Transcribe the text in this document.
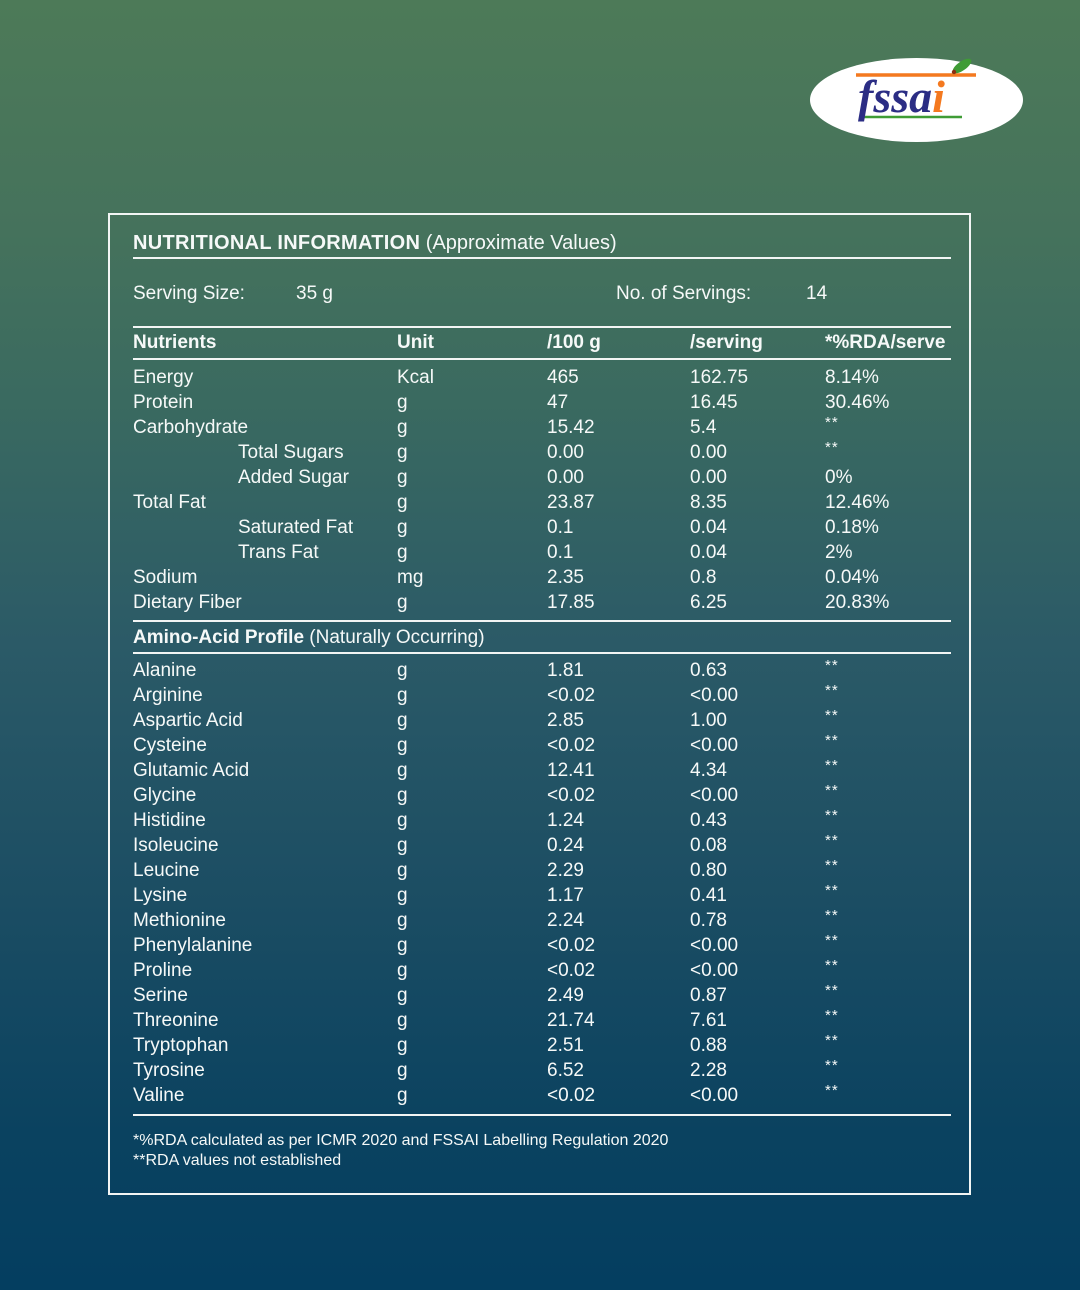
fssai
NUTRITIONAL INFORMATION (Approximate Values)
Serving Size:	35 g	No. of Servings:	14
Nutrients	Unit	/100 g	/serving	*%RDA/serve
Energy	Kcal	465	162.75	8.14%
Protein	g	47	16.45	30.46%
Carbohydrate	g	15.42	5.4	**
Total Sugars	g	0.00	0.00	**
Added Sugar	g	0.00	0.00	0%
Total Fat	g	23.87	8.35	12.46%
Saturated Fat	g	0.1	0.04	0.18%
Trans Fat	g	0.1	0.04	2%
Sodium	mg	2.35	0.8	0.04%
Dietary Fiber	g	17.85	6.25	20.83%
Amino-Acid Profile (Naturally Occurring)
Alanine	g	1.81	0.63	**
Arginine	g	<0.02	<0.00	**
Aspartic Acid	g	2.85	1.00	**
Cysteine	g	<0.02	<0.00	**
Glutamic Acid	g	12.41	4.34	**
Glycine	g	<0.02	<0.00	**
Histidine	g	1.24	0.43	**
Isoleucine	g	0.24	0.08	**
Leucine	g	2.29	0.80	**
Lysine	g	1.17	0.41	**
Methionine	g	2.24	0.78	**
Phenylalanine	g	<0.02	<0.00	**
Proline	g	<0.02	<0.00	**
Serine	g	2.49	0.87	**
Threonine	g	21.74	7.61	**
Tryptophan	g	2.51	0.88	**
Tyrosine	g	6.52	2.28	**
Valine	g	<0.02	<0.00	**
*%RDA calculated as per ICMR 2020 and FSSAI Labelling Regulation 2020
**RDA values not established
